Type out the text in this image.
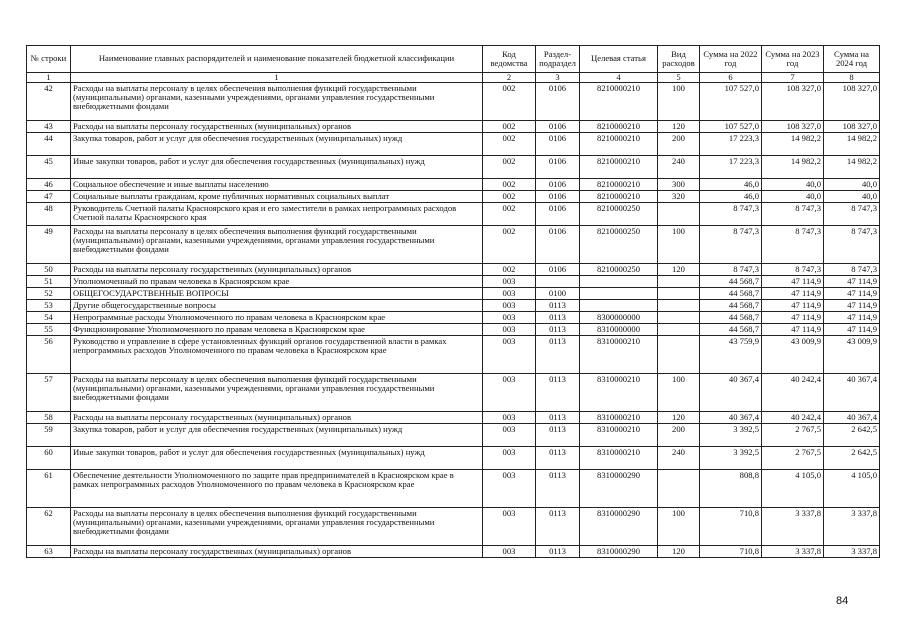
№ строки	Наименование главных распорядителей и наименование показателей бюджетной классификации	Код ведомства	Раздел-подраздел	Целевая статья	Вид расходов	Сумма на 2022 год	Сумма на 2023 год	Сумма на 2024 год
1	1	2	3	4	5	6	7	8
42	Расходы на выплаты персоналу в целях обеспечения выполнения функций государственными (муниципальными) органами, казенными учреждениями, органами управления государственными внебюджетными фондами	002	0106	8210000210	100	107 527,0	108 327,0	108 327,0
43	Расходы на выплаты персоналу государственных (муниципальных) органов	002	0106	8210000210	120	107 527,0	108 327,0	108 327,0
44	Закупка товаров, работ и услуг для обеспечения государственных (муниципальных) нужд	002	0106	8210000210	200	17 223,3	14 982,2	14 982,2
45	Иные закупки товаров, работ и услуг для обеспечения государственных (муниципальных) нужд	002	0106	8210000210	240	17 223,3	14 982,2	14 982,2
46	Социальное обеспечение и иные выплаты населению	002	0106	8210000210	300	46,0	40,0	40,0
47	Социальные выплаты гражданам, кроме публичных нормативных социальных выплат	002	0106	8210000210	320	46,0	40,0	40,0
48	Руководитель Счетной палаты Красноярского края и его заместители в рамках непрограммных расходов Счетной палаты Красноярского края	002	0106	8210000250		8 747,3	8 747,3	8 747,3
49	Расходы на выплаты персоналу в целях обеспечения выполнения функций государственными (муниципальными) органами, казенными учреждениями, органами управления государственными внебюджетными фондами	002	0106	8210000250	100	8 747,3	8 747,3	8 747,3
50	Расходы на выплаты персоналу государственных (муниципальных) органов	002	0106	8210000250	120	8 747,3	8 747,3	8 747,3
51	Уполномоченный по правам человека в Красноярском крае	003				44 568,7	47 114,9	47 114,9
52	ОБЩЕГОСУДАРСТВЕННЫЕ ВОПРОСЫ	003	0100			44 568,7	47 114,9	47 114,9
53	Другие общегосударственные вопросы	003	0113			44 568,7	47 114,9	47 114,9
54	Непрограммные расходы Уполномоченного по правам человека в Красноярском крае	003	0113	8300000000		44 568,7	47 114,9	47 114,9
55	Функционирование Уполномоченного по правам человека в Красноярском крае	003	0113	8310000000		44 568,7	47 114,9	47 114,9
56	Руководство и управление в сфере установленных функций органов государственной власти в рамках непрограммных расходов Уполномоченного по правам человека в Красноярском крае	003	0113	8310000210		43 759,9	43 009,9	43 009,9
57	Расходы на выплаты персоналу в целях обеспечения выполнения функций государственными (муниципальными) органами, казенными учреждениями, органами управления государственными внебюджетными фондами	003	0113	8310000210	100	40 367,4	40 242,4	40 367,4
58	Расходы на выплаты персоналу государственных (муниципальных) органов	003	0113	8310000210	120	40 367,4	40 242,4	40 367,4
59	Закупка товаров, работ и услуг для обеспечения государственных (муниципальных) нужд	003	0113	8310000210	200	3 392,5	2 767,5	2 642,5
60	Иные закупки товаров, работ и услуг для обеспечения государственных (муниципальных) нужд	003	0113	8310000210	240	3 392,5	2 767,5	2 642,5
61	Обеспечение деятельности Уполномоченного по защите прав предпринимателей в Красноярском крае в рамках непрограммных расходов Уполномоченного по правам человека в Красноярском крае	003	0113	8310000290		808,8	4 105,0	4 105,0
62	Расходы на выплаты персоналу в целях обеспечения выполнения функций государственными (муниципальными) органами, казенными учреждениями, органами управления государственными внебюджетными фондами	003	0113	8310000290	100	710,8	3 337,8	3 337,8
63	Расходы на выплаты персоналу государственных (муниципальных) органов	003	0113	8310000290	120	710,8	3 337,8	3 337,8
84
